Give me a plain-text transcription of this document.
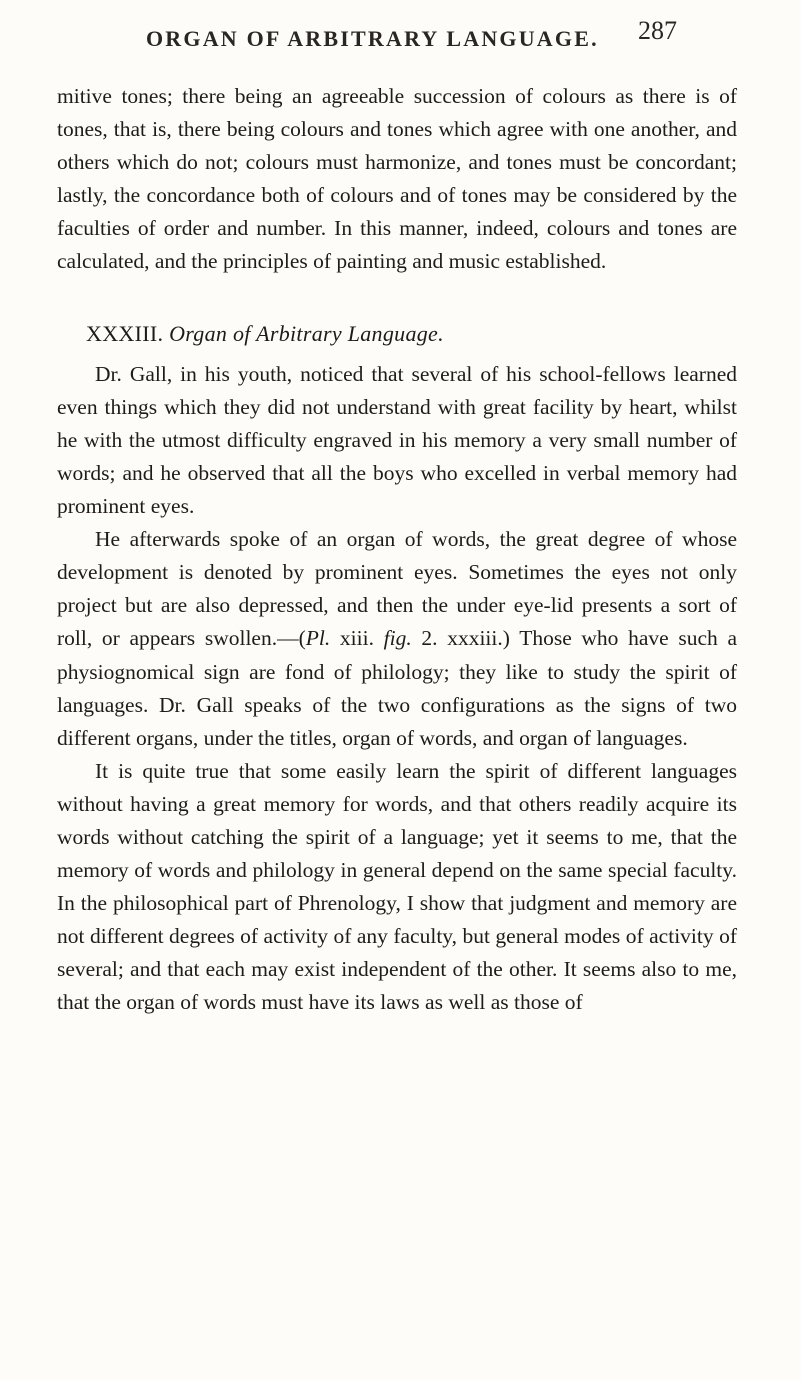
ORGAN OF ARBITRARY LANGUAGE. 287

mitive tones; there being an agreeable succession of colours as there is of tones, that is, there being colours and tones which agree with one another, and others which do not; colours must harmonize, and tones must be concordant; lastly, the concordance both of colours and of tones may be considered by the faculties of order and number. In this manner, indeed, colours and tones are calculated, and the principles of painting and music established.

XXXIII. Organ of Arbitrary Language.

Dr. Gall, in his youth, noticed that several of his school-fellows learned even things which they did not understand with great facility by heart, whilst he with the utmost difficulty engraved in his memory a very small number of words; and he observed that all the boys who excelled in verbal memory had prominent eyes.

He afterwards spoke of an organ of words, the great degree of whose development is denoted by prominent eyes. Sometimes the eyes not only project but are also depressed, and then the under eye-lid presents a sort of roll, or appears swollen.—(Pl. xiii. fig. 2. xxxiii.) Those who have such a physiognomical sign are fond of philology; they like to study the spirit of languages. Dr. Gall speaks of the two configurations as the signs of two different organs, under the titles, organ of words, and organ of languages.

It is quite true that some easily learn the spirit of different languages without having a great memory for words, and that others readily acquire its words without catching the spirit of a language; yet it seems to me, that the memory of words and philology in general depend on the same special faculty. In the philosophical part of Phrenology, I show that judgment and memory are not different degrees of activity of any faculty, but general modes of activity of several; and that each may exist independent of the other. It seems also to me, that the organ of words must have its laws as well as those of
